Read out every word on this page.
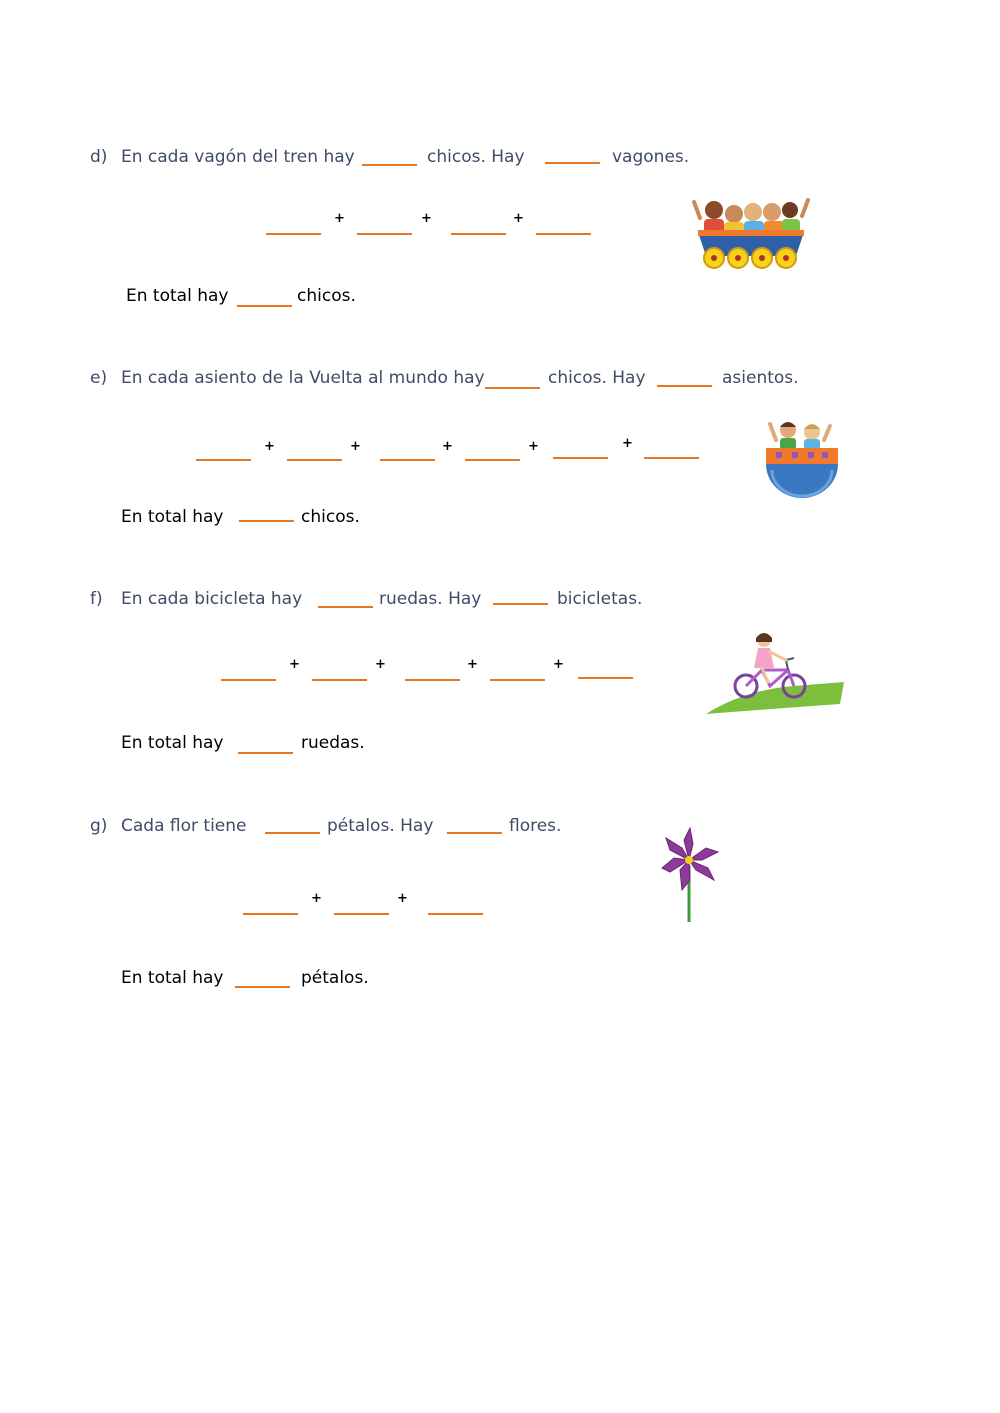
d) En cada vagón del tren hay	chicos. Hay	vagones.
+	+	+
En total hay	chicos.
e) En cada asiento de la Vuelta al mundo hay	chicos. Hay	asientos.
+	+	+	+	+
En total hay	chicos.
f) En cada bicicleta hay	ruedas. Hay	bicicletas.
+	+	+	+
En total hay	ruedas.
g) Cada flor tiene	pétalos. Hay	flores.
+	+
En total hay	pétalos.
